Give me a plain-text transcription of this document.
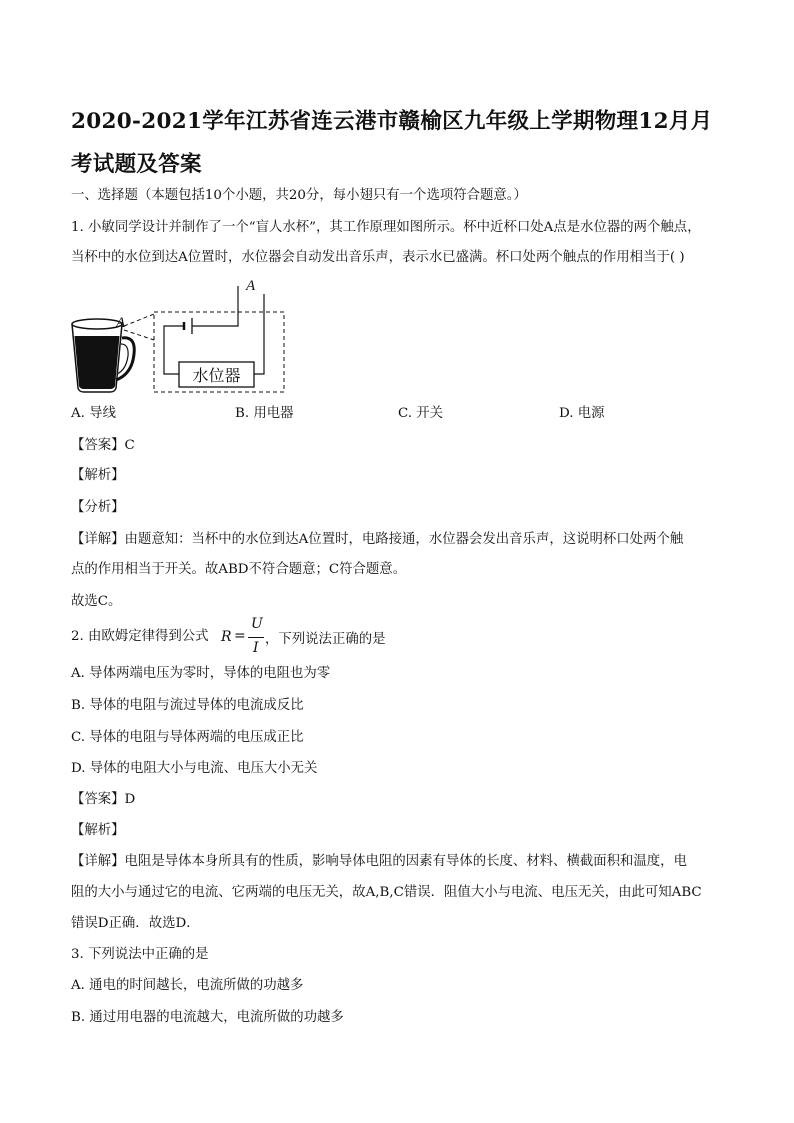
2020-2021学年江苏省连云港市赣榆区九年级上学期物理12月月考试题及答案
一、选择题（本题包括10个小题，共20分，每小翅只有一个选项符合题意。）
1. 小敏同学设计并制作了一个“盲人水杯”，其工作原理如图所示。杯中近杯口处A点是水位器的两个触点，
当杯中的水位到达A位置时，水位器会自动发出音乐声，表示水已盛满。杯口处两个触点的作用相当于( )
水位器
A
A
A. 导线	B. 用电器	C. 开关	D. 电源
【答案】C
【解析】
【分析】
【详解】由题意知：当杯中的水位到达A位置时，电路接通，水位器会发出音乐声，这说明杯口处两个触
点的作用相当于开关。故ABD不符合题意；C符合题意。
故选C。
2. 由欧姆定律得到公式 R =
U
I
，下列说法正确的是
A. 导体两端电压为零时，导体的电阻也为零
B. 导体的电阻与流过导体的电流成反比
C. 导体的电阻与导体两端的电压成正比
D. 导体的电阻大小与电流、电压大小无关
【答案】D
【解析】
【详解】电阻是导体本身所具有的性质，影响导体电阻的因素有导体的长度、材料、横截面积和温度，电
阻的大小与通过它的电流、它两端的电压无关，故A,B,C错误．阻值大小与电流、电压无关，由此可知ABC
错误D正确．故选D．
3. 下列说法中正确的是
A. 通电的时间越长，电流所做的功越多
B. 通过用电器的电流越大，电流所做的功越多
